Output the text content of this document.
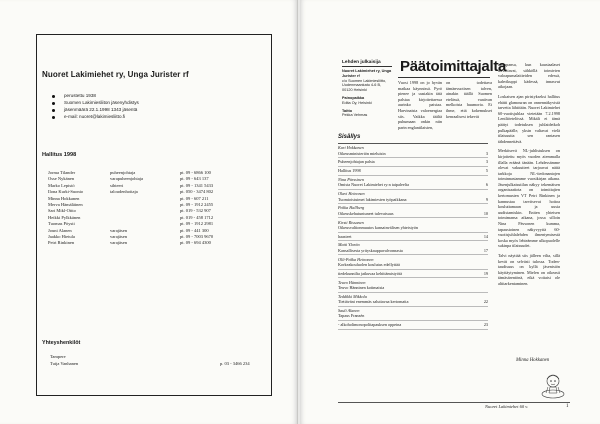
Nuoret Lakimiehet ry, Unga Jurister rf
perustettu 1938
Suomen Lakimiesliiton jäsenyhdistys
jäsenmäärä 22.1.1998 1343 jäsentä
e-mail: nuoret@lakimiesliitto.fi
Hallitus 1998
Jorma Tilander	puheenjohtaja	pt. 09 - 6866 100
Osse Nykänen	varapuheenjohtaja	pt. 09 - 643 137
Marko Lepistö	sihteeri	pt. 09 - 1341 5433
Ilona Kurki-Suonio	taloudenhoitaja	pt. 050 - 3474 802
Minna Hokkanen		pt. 09 - 607 211
Merva Hämäläinen		pt. 09 - 1912 2455
Sari Mikl-Ottto		pt. 019 - 532 907
Heikki Pylkkänen		pt. 019 - 458 1712
Tuomas Pöysti		pt. 09 - 1912 2981
Jouni Alanen	varajäsen	pt. 09 - 441 300
Jaakko Hietula	varajäsen	pt. 09 - 7003 9670
Petri Rinkinen	varajäsen	pt. 09 - 694 4300
Yhteyshenkilöt
Tampere
Tuija Vanhanen	p. 03 - 3466 234
Lehden julkaisija
Nuoret Lakimiehet ry, Unga Jurister rf
c/o Suomen Lakimiesliitto, Uudenmaankatu 4-6 B, 00120 Helsinki
Painopaikka
Edita Oy, Helsinki
Taitto
Pekka Vehmas
Päätoimittajalta
Vuosi 1998 on jo hyvän matkaa käynnissä. Pyrö pienee ja uusiakin tätä palstaa kirjoitettaessa aurinko paistaa. Harvinaista valoenergiaa siis. Vaikka täältä puhumaan onkin niin parin englantilaisten,
on todettava tämänvuotisen talven, ainakin täällä Suomen etelässä, vaativan melkoista huumoria. Ei ihme, että kokemukset kenraalisest tekevät

kauppansa, kun kausiaalaset uuvuttavat, sähköllä toimivien valoapumalaitteiden edessä, kahvikuppi kädessä, innasvut aikojaan.

Loskaisen ajan piristykseksi hallitus ehätti glamouran on onnennäkyvistä tarvetta lähtöään. Nuoret Lakimiehet 60-vuotisjuhlaa vietetään 7.2.1998 Lentliöetelössä. Mikäli ei tämä päätyi todetuksen juhlaidetkoh pulkapäälle, yksin valtavat vielä tilaisuutta sen rantasen tähdennettävä.

Merkitsevä NL-juhlistuksen on kirjoitettu myös vuoden aiemmalla illalla eräänä tänään. Lehdessämme olevat vakuutteet tarjoavat näitä tarkkoja NL-tiedonantojen toiminnastamme vuosikirjan aikana. Jäsenjulkaisutilan näkyy tekemäisen organisaatiota on toimittajien kertomusten VT Petri Rinkinen ja kannustaa tarvitsevat hoitoa kouluttamaan ja uusia uudistamiskin. Eniten yhteisen toimimansa aikana, jossa silloin Nina Pävsonen kumma, tapaustoinen näkyvyyttä 60-vuotisjuhlalehden ilmentymisestä koska myös lehteämme ulkopuolelle sukinpa tilaisuudet.

Talvi näyttää siis jälleen vilta, sillä kevät on selvästi tulossa. Toden-taudisuus on kyllä jäsenistön käyttäytyminen. Mielen on oikeasti tämäsärentönä, eikä voitaisi ole altitarkentaminen.

Minna Hokkanen
Sisällys
Kari Hokkanen
Oikeusministeriön mieluisin	3
Puheenjohtajan palsta	3
Hallitus 1998	5
Nina Pärssinen
Omista Nuoret Lakimiehet ry:n taipaleelta	6
Olavi Heinonen
Tuomioistuimet lakimiesten työpaikkana	9
Pekka Hallberg
Oikeuskehutuntuneet tulevaisuus	10
Kirsti Rissanen
Oikeusvaltionmuutos kansainvälisen yhteistyön
haasteet	14
Matti Ylarito
Kansallisesta yrityskauppavalvonnasta	17
Olli-Pekka Heinonen
Korkeakouluolen koulutus edellyttää
tiedekunnilta jatkuvaa kehittämistyötä	19
Teuvo Hänninen
Teuvo Hänninen kotimaisia
Teddikki Mikkola
Tiettäväni enemmäs saluttavaa kertomatta	22
Sauli Alanen
Tapaus Franzén
- alkoholimonopolitapauksen oppeina	23
Nuoret Lakimiehet 60 v.	1
